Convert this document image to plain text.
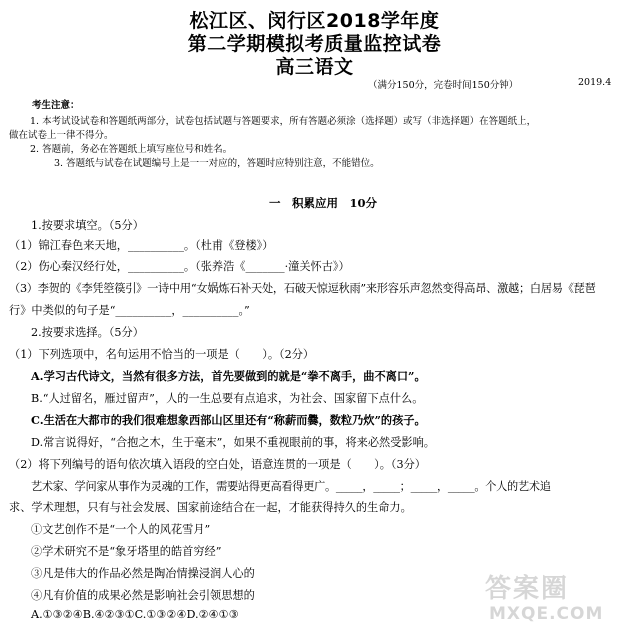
松江区、闵行区2018学年度
第二学期模拟考质量监控试卷
高三语文
（满分150分，完卷时间150分钟）	2019.4
考生注意：
1. 本考试设试卷和答题纸两部分，试卷包括试题与答题要求，所有答题必须涂（选择题）或写（非选择题）在答题纸上，
做在试卷上一律不得分。
2. 答题前，务必在答题纸上填写座位号和姓名。
3. 答题纸与试卷在试题编号上是一一对应的，答题时应特别注意，不能错位。
一　积累应用　10分
1.按要求填空。（5分）
（1）锦江春色来天地，__________。（杜甫《登楼》）
（2）伤心秦汉经行处，__________。（张养浩《_______·潼关怀古》）
（3）李贺的《李凭箜篌引》一诗中用“女娲炼石补天处，石破天惊逗秋雨”来形容乐声忽然变得高昂、激越；白居易《琵琶
行》中类似的句子是“__________，__________。”
2.按要求选择。（5分）
（1）下列选项中，名句运用不恰当的一项是（　　）。（2分）
A.学习古代诗文，当然有很多方法，首先要做到的就是“拳不离手，曲不离口”。
B.“人过留名，雁过留声”，人的一生总要有点追求，为社会、国家留下点什么。
C.生活在大都市的我们很难想象西部山区里还有“称薪而爨，数粒乃炊”的孩子。
D.常言说得好，“合抱之木，生于毫末”，如果不重视眼前的事，将来必然受影响。
（2）将下列编号的语句依次填入语段的空白处，语意连贯的一项是（　　）。（3分）
艺术家、学问家从事作为灵魂的工作，需要站得更高看得更广。_____，_____；_____，_____。个人的艺术追
求、学术理想，只有与社会发展、国家前途结合在一起，才能获得持久的生命力。
①文艺创作不是“一个人的风花雪月”
②学术研究不是“象牙塔里的皓首穷经”
③凡是伟大的作品必然是陶冶情操浸润人心的
④凡有价值的成果必然是影响社会引领思想的
A.①③②④B.④②③①C.①③②④D.②④①③
答案圈
MXQE.COM
